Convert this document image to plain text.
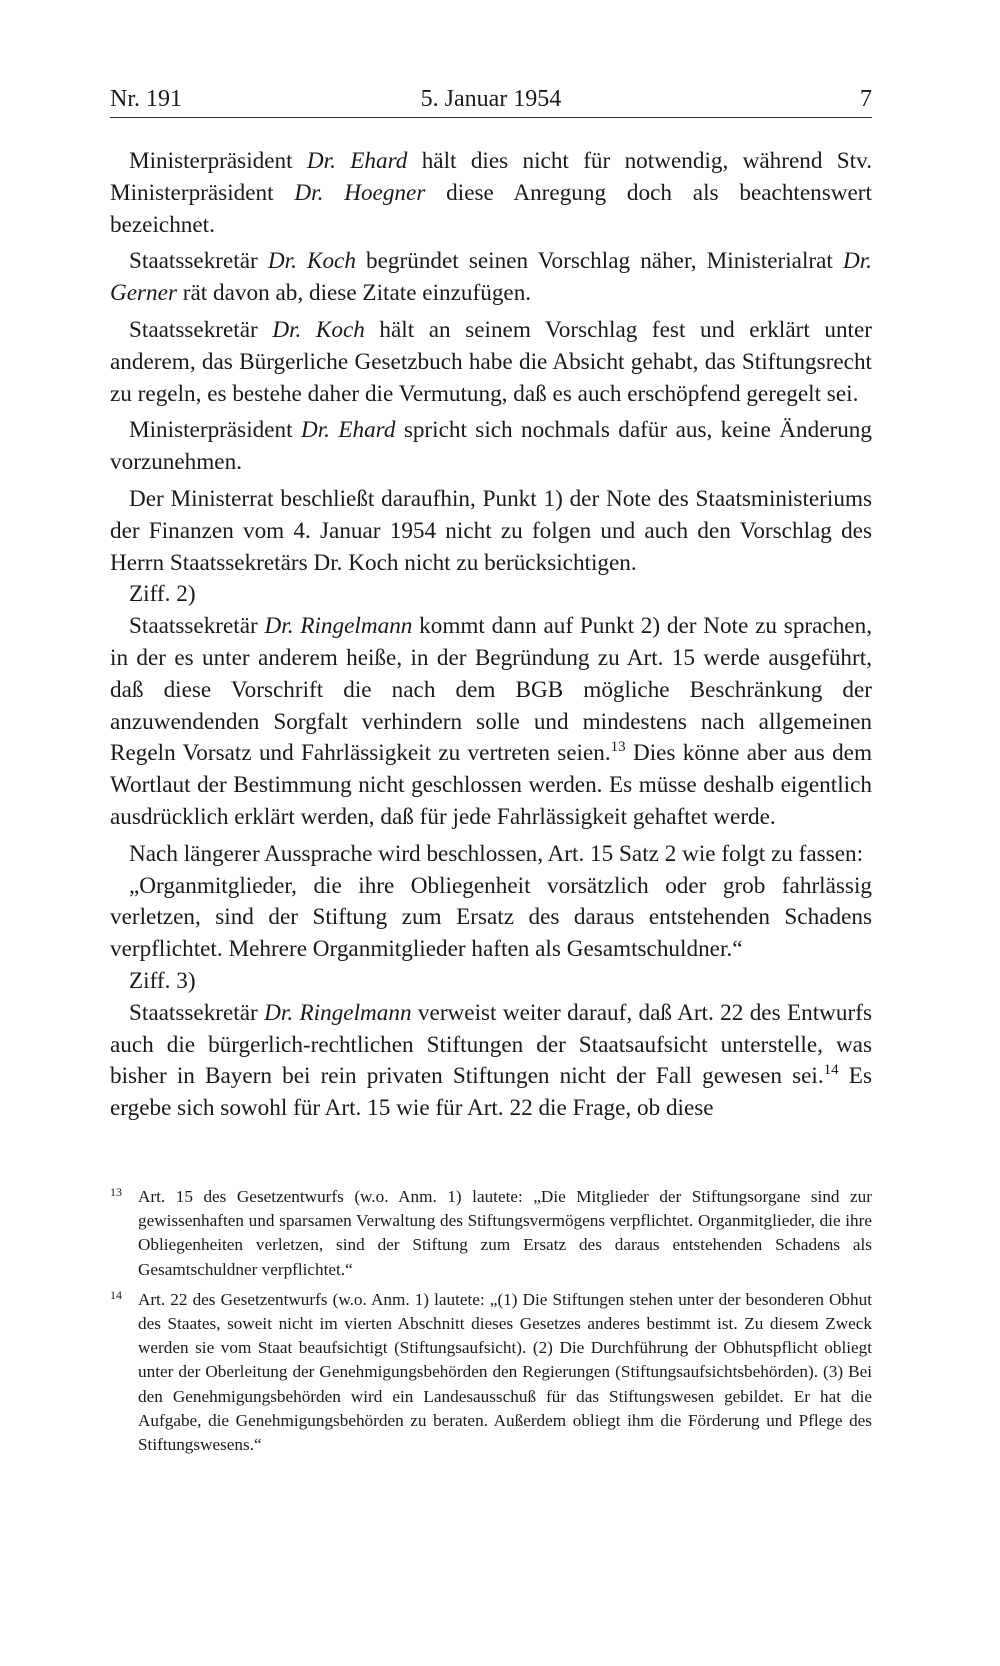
Nr. 191	5. Januar 1954	7

Ministerpräsident Dr. Ehard hält dies nicht für notwendig, während Stv. Ministerpräsident Dr. Hoegner diese Anregung doch als beachtenswert bezeichnet.

Staatssekretär Dr. Koch begründet seinen Vorschlag näher, Ministerialrat Dr. Gerner rät davon ab, diese Zitate einzufügen.

Staatssekretär Dr. Koch hält an seinem Vorschlag fest und erklärt unter anderem, das Bürgerliche Gesetzbuch habe die Absicht gehabt, das Stiftungsrecht zu regeln, es bestehe daher die Vermutung, daß es auch erschöpfend geregelt sei.

Ministerpräsident Dr. Ehard spricht sich nochmals dafür aus, keine Änderung vorzunehmen.

Der Ministerrat beschließt daraufhin, Punkt 1) der Note des Staatsministeriums der Finanzen vom 4. Januar 1954 nicht zu folgen und auch den Vorschlag des Herrn Staatssekretärs Dr. Koch nicht zu berücksichtigen.

Ziff. 2)

Staatssekretär Dr. Ringelmann kommt dann auf Punkt 2) der Note zu sprachen, in der es unter anderem heiße, in der Begründung zu Art. 15 werde ausgeführt, daß diese Vorschrift die nach dem BGB mögliche Beschränkung der anzuwendenden Sorgfalt verhindern solle und mindestens nach allgemeinen Regeln Vorsatz und Fahrlässigkeit zu vertreten seien.$^{13}$ Dies könne aber aus dem Wortlaut der Bestimmung nicht geschlossen werden. Es müsse deshalb eigentlich ausdrücklich erklärt werden, daß für jede Fahrlässigkeit gehaftet werde.

Nach längerer Aussprache wird beschlossen, Art. 15 Satz 2 wie folgt zu fassen:

„Organmitglieder, die ihre Obliegenheit vorsätzlich oder grob fahrlässig verletzen, sind der Stiftung zum Ersatz des daraus entstehenden Schadens verpflichtet. Mehrere Organmitglieder haften als Gesamtschuldner.“

Ziff. 3)

Staatssekretär Dr. Ringelmann verweist weiter darauf, daß Art. 22 des Entwurfs auch die bürgerlich-rechtlichen Stiftungen der Staatsaufsicht unterstelle, was bisher in Bayern bei rein privaten Stiftungen nicht der Fall gewesen sei.$^{14}$ Es ergebe sich sowohl für Art. 15 wie für Art. 22 die Frage, ob diese

13 Art. 15 des Gesetzentwurfs (w.o. Anm. 1) lautete: „Die Mitglieder der Stiftungsorgane sind zur gewissenhaften und sparsamen Verwaltung des Stiftungsvermögens verpflichtet. Organmitglieder, die ihre Obliegenheiten verletzen, sind der Stiftung zum Ersatz des daraus entstehenden Schadens als Gesamtschuldner verpflichtet.“
14 Art. 22 des Gesetzentwurfs (w.o. Anm. 1) lautete: „(1) Die Stiftungen stehen unter der besonderen Obhut des Staates, soweit nicht im vierten Abschnitt dieses Gesetzes anderes bestimmt ist. Zu diesem Zweck werden sie vom Staat beaufsichtigt (Stiftungsaufsicht). (2) Die Durchführung der Obhutspflicht obliegt unter der Oberleitung der Genehmigungsbehörden den Regierungen (Stiftungsaufsichtsbehörden). (3) Bei den Genehmigungsbehörden wird ein Landesausschuß für das Stiftungswesen gebildet. Er hat die Aufgabe, die Genehmigungsbehörden zu beraten. Außerdem obliegt ihm die Förderung und Pflege des Stiftungswesens.“
